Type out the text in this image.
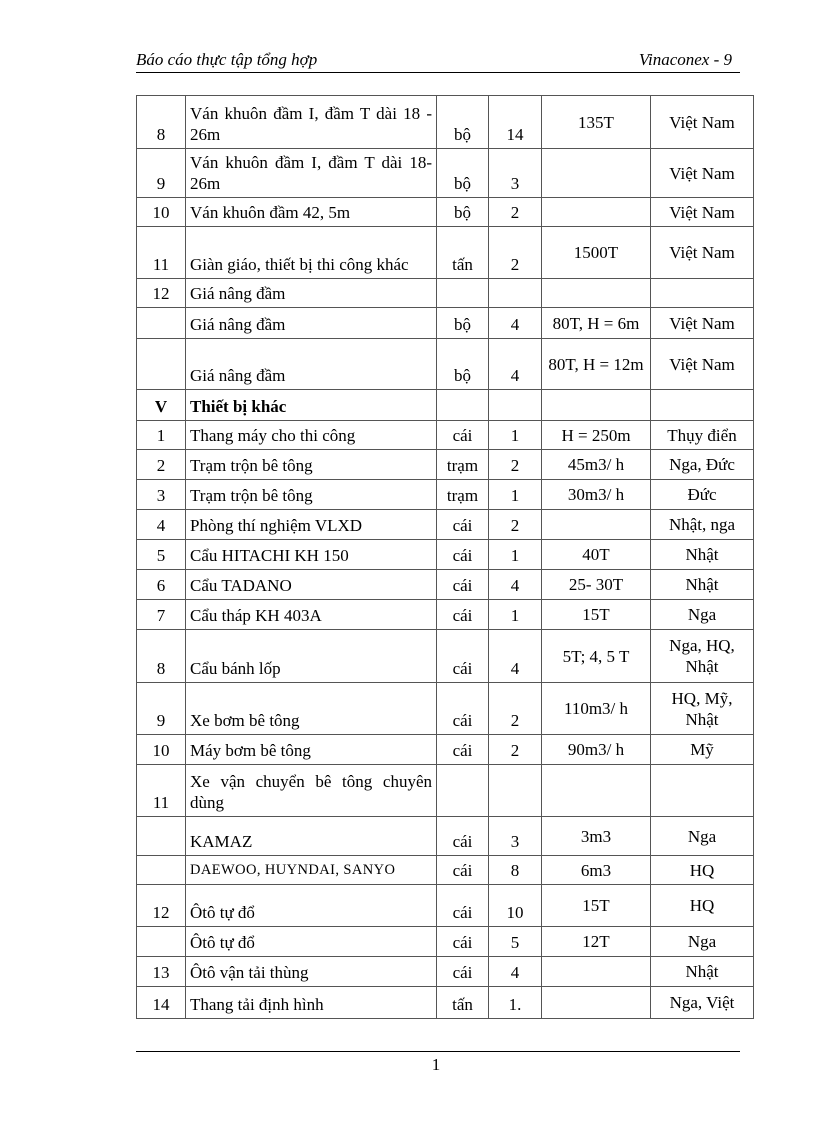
Báo cáo thực tập tổng hợp	Vinaconex - 9
8	Ván khuôn đầm I, đầm T dài 18 - 26m	bộ	14	135T	Việt Nam
9	Ván khuôn đầm I, đầm T dài 18- 26m	bộ	3		Việt Nam
10	Ván khuôn đầm 42, 5m	bộ	2		Việt Nam
11	Giàn giáo, thiết bị thi công khác	tấn	2	1500T	Việt Nam
12	Giá nâng đầm				
	Giá nâng đầm	bộ	4	80T, H = 6m	Việt Nam
	Giá nâng đầm	bộ	4	80T, H = 12m	Việt Nam
V	Thiết bị khác				
1	Thang máy cho thi công	cái	1	H = 250m	Thụy điển
2	Trạm trộn bê tông	trạm	2	45m3/ h	Nga, Đức
3	Trạm trộn bê tông	trạm	1	30m3/ h	Đức
4	Phòng thí nghiệm VLXD	cái	2		Nhật, nga
5	Cẩu HITACHI KH 150	cái	1	40T	Nhật
6	Cẩu TADANO	cái	4	25- 30T	Nhật
7	Cẩu tháp KH 403A	cái	1	15T	Nga
8	Cẩu bánh lốp	cái	4	5T; 4, 5 T	Nga, HQ, Nhật
9	Xe bơm bê tông	cái	2	110m3/ h	HQ, Mỹ, Nhật
10	Máy bơm bê tông	cái	2	90m3/ h	Mỹ
11	Xe vận chuyển bê tông chuyên dùng				
	KAMAZ	cái	3	3m3	Nga
	DAEWOO, HUYNDAI, SANYO	cái	8	6m3	HQ
12	Ôtô tự đổ	cái	10	15T	HQ
	Ôtô tự đổ	cái	5	12T	Nga
13	Ôtô vận tải thùng	cái	4		Nhật
14	Thang tải định hình	tấn	1.		Nga, Việt
1
